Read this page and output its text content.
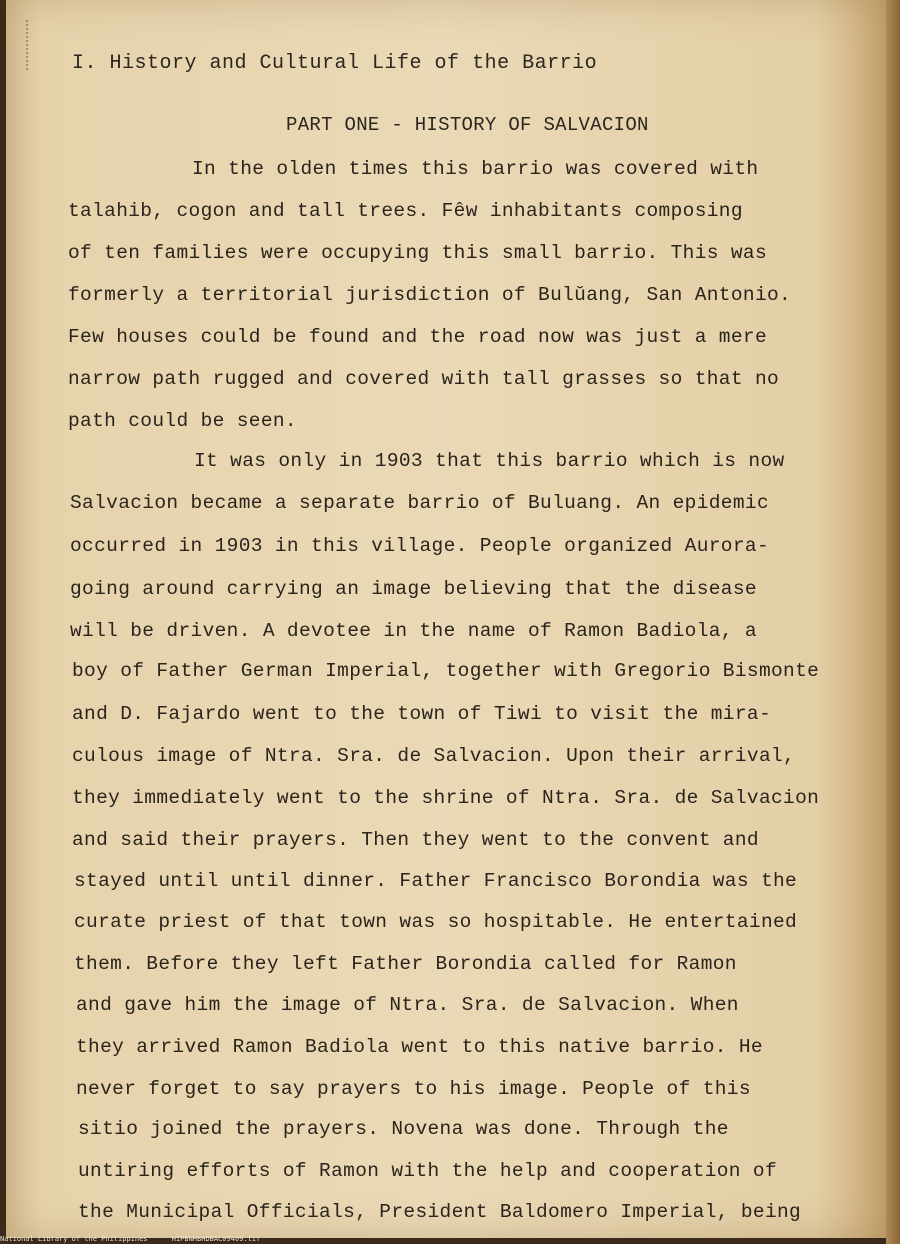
I. History and Cultural Life of the Barrio
PART ONE - HISTORY OF SALVACION
In the olden times this barrio was covered with
talahib, cogon and tall trees. Fêw inhabitants composing
of ten families were occupying this small barrio. This was
formerly a territorial jurisdiction of Bulŭang, San Antonio.
Few houses could be found and the road now was just a mere
narrow path rugged and covered with tall grasses so that no
path could be seen.
It was only in 1903 that this barrio which is now
Salvacion became a separate barrio of Buluang. An epidemic
occurred in 1903 in this village. People organized Aurora-
going around carrying an image believing that the disease
will be driven. A devotee in the name of Ramon Badiola, a
boy of Father German Imperial, together with Gregorio Bismonte
and D. Fajardo went to the town of Tiwi to visit the mira-
culous image of Ntra. Sra. de Salvacion. Upon their arrival,
they immediately went to the shrine of Ntra. Sra. de Salvacion
and said their prayers. Then they went to the convent and
stayed until until dinner. Father Francisco Borondia was the
curate priest of that town was so hospitable. He entertained
them. Before they left Father Borondia called for Ramon
and gave him the image of Ntra. Sra. de Salvacion. When
they arrived Ramon Badiola went to this native barrio. He
never forget to say prayers to his image. People of this
sitio joined the prayers. Novena was done. Through the
untiring efforts of Ramon with the help and cooperation of
the Municipal Officials, President Baldomero Imperial, being
National Library of the Philippines	HIPBNHBHDBAC09409.tif
